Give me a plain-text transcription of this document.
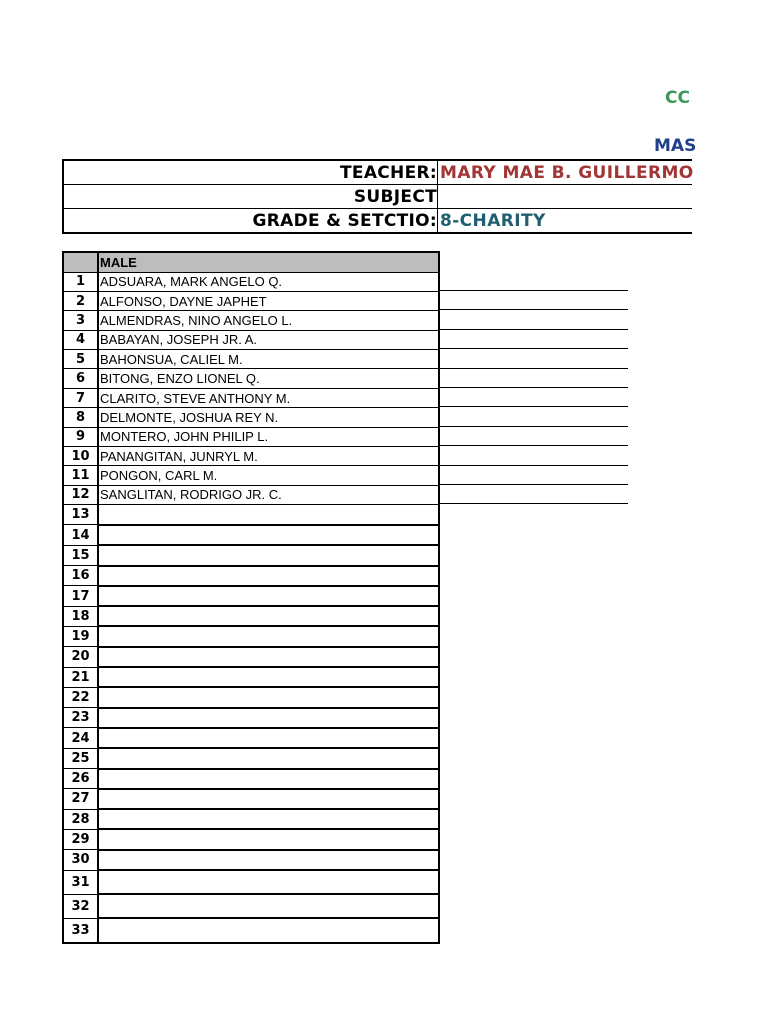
CC
MAS
TEACHER: MARY MAE B. GUILLERMO
SUBJECT
GRADE & SETCTIO: 8-CHARITY
	MALE
1	ADSUARA, MARK ANGELO Q.
2	ALFONSO, DAYNE JAPHET
3	ALMENDRAS, NINO ANGELO L.
4	BABAYAN, JOSEPH JR. A.
5	BAHONSUA, CALIEL M.
6	BITONG, ENZO LIONEL Q.
7	CLARITO, STEVE ANTHONY M.
8	DELMONTE, JOSHUA REY N.
9	MONTERO, JOHN PHILIP L.
10	PANANGITAN, JUNRYL M.
11	PONGON, CARL M.
12	SANGLITAN, RODRIGO JR. C.
13	
14	
15	
16	
17	
18	
19	
20	
21	
22	
23	
24	
25	
26	
27	
28	
29	
30	
31	
32	
33	
